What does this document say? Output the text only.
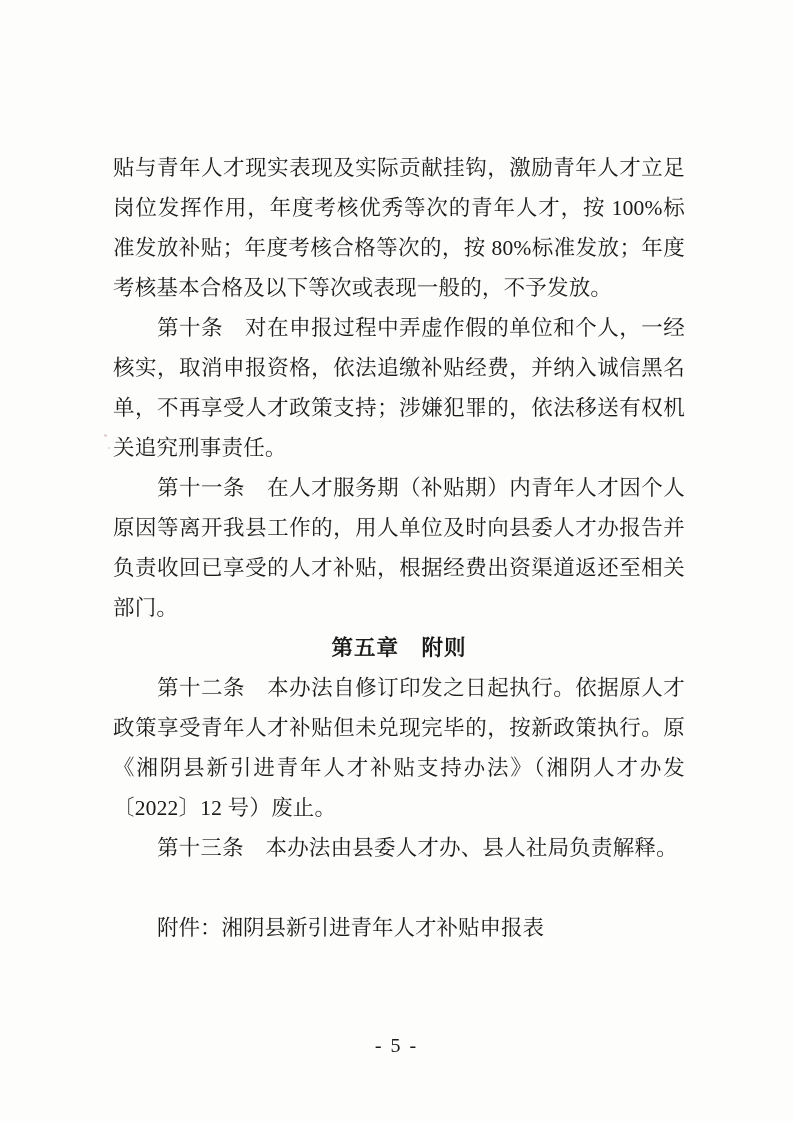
贴与青年人才现实表现及实际贡献挂钩，激励青年人才立足岗位发挥作用，年度考核优秀等次的青年人才，按 100%标准发放补贴；年度考核合格等次的，按 80%标准发放；年度考核基本合格及以下等次或表现一般的，不予发放。

第十条　对在申报过程中弄虚作假的单位和个人，一经核实，取消申报资格，依法追缴补贴经费，并纳入诚信黑名单，不再享受人才政策支持；涉嫌犯罪的，依法移送有权机关追究刑事责任。

第十一条　在人才服务期（补贴期）内青年人才因个人原因等离开我县工作的，用人单位及时向县委人才办报告并负责收回已享受的人才补贴，根据经费出资渠道返还至相关部门。

第五章　附则

第十二条　本办法自修订印发之日起执行。依据原人才政策享受青年人才补贴但未兑现完毕的，按新政策执行。原《湘阴县新引进青年人才补贴支持办法》（湘阴人才办发〔2022〕12 号）废止。

第十三条　本办法由县委人才办、县人社局负责解释。

附件：湘阴县新引进青年人才补贴申报表

- 5 -
